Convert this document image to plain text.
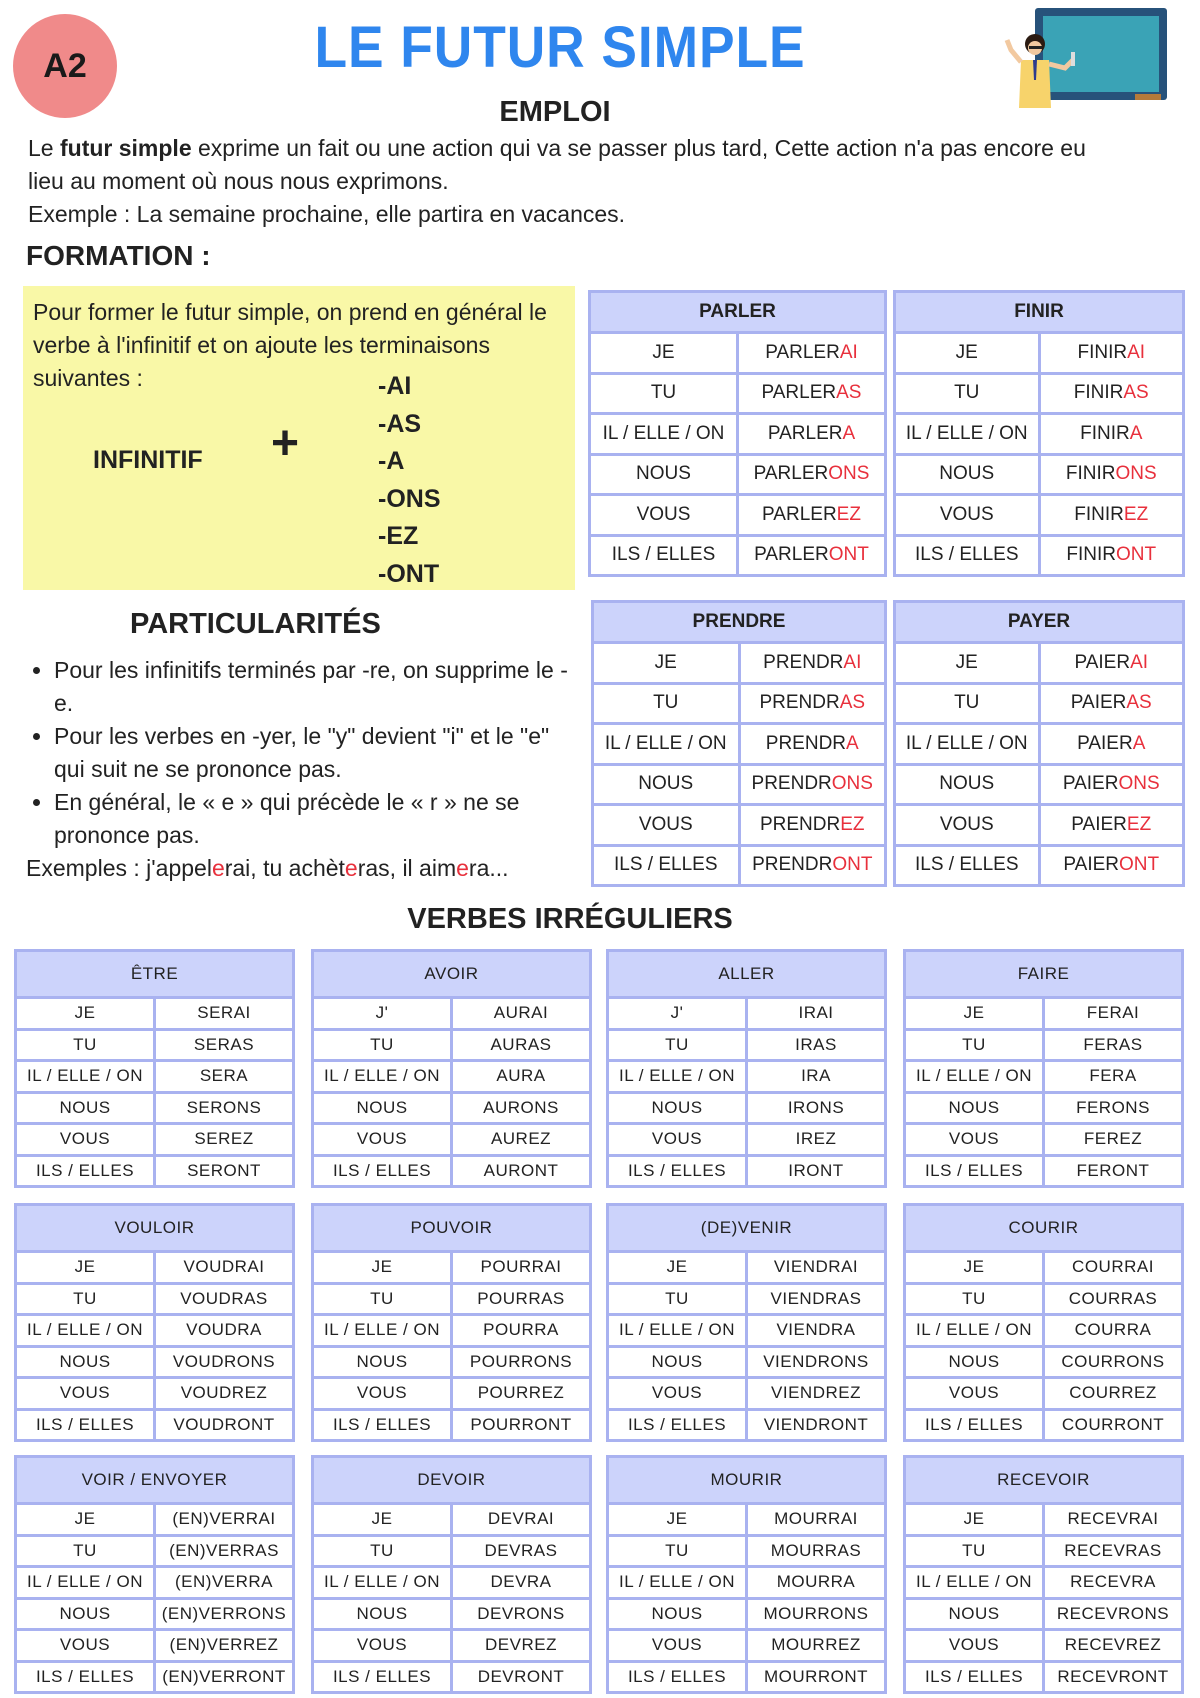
A2	LE FUTUR SIMPLE
EMPLOI
Le futur simple exprime un fait ou une action qui va se passer plus tard, Cette action n'a pas encore eu
lieu au moment où nous nous exprimons.
Exemple : La semaine prochaine, elle partira en vacances.
FORMATION :
Pour former le futur simple, on prend en général le verbe à l'infinitif et on ajoute les terminaisons suivantes :
INFINITIF +
-AI
-AS
-A
-ONS
-EZ
-ONT
PARTICULARITÉS
• Pour les infinitifs terminés par -re, on supprime le -e.
• Pour les verbes en -yer, le "y" devient "i" et le "e" qui suit ne se prononce pas.
• En général, le « e » qui précède le « r » ne se prononce pas.
Exemples : j'appelerai, tu achèteras, il aimera...
VERBES IRRÉGULIERS
PARLER	
JE	PARLERAI
TU	PARLERAS
IL / ELLE / ON	PARLERA
NOUS	PARLERONS
VOUS	PARLEREZ
ILS / ELLES	PARLERONT
FINIR	
JE	FINIRAI
TU	FINIRAS
IL / ELLE / ON	FINIRA
NOUS	FINIRONS
VOUS	FINIREZ
ILS / ELLES	FINIRONT
PRENDRE	
JE	PRENDRAI
TU	PRENDRAS
IL / ELLE / ON	PRENDRA
NOUS	PRENDRONS
VOUS	PRENDREZ
ILS / ELLES	PRENDRONT
PAYER	
JE	PAIERAI
TU	PAIERAS
IL / ELLE / ON	PAIERA
NOUS	PAIERONS
VOUS	PAIEREZ
ILS / ELLES	PAIERONT
ÊTRE	
JE	SERAI
TU	SERAS
IL / ELLE / ON	SERA
NOUS	SERONS
VOUS	SEREZ
ILS / ELLES	SERONT
AVOIR	
J'	AURAI
TU	AURAS
IL / ELLE / ON	AURA
NOUS	AURONS
VOUS	AUREZ
ILS / ELLES	AURONT
ALLER	
J'	IRAI
TU	IRAS
IL / ELLE / ON	IRA
NOUS	IRONS
VOUS	IREZ
ILS / ELLES	IRONT
FAIRE	
JE	FERAI
TU	FERAS
IL / ELLE / ON	FERA
NOUS	FERONS
VOUS	FEREZ
ILS / ELLES	FERONT
VOULOIR	
JE	VOUDRAI
TU	VOUDRAS
IL / ELLE / ON	VOUDRA
NOUS	VOUDRONS
VOUS	VOUDREZ
ILS / ELLES	VOUDRONT
POUVOIR	
JE	POURRAI
TU	POURRAS
IL / ELLE / ON	POURRA
NOUS	POURRONS
VOUS	POURREZ
ILS / ELLES	POURRONT
(DE)VENIR	
JE	VIENDRAI
TU	VIENDRAS
IL / ELLE / ON	VIENDRA
NOUS	VIENDRONS
VOUS	VIENDREZ
ILS / ELLES	VIENDRONT
COURIR	
JE	COURRAI
TU	COURRAS
IL / ELLE / ON	COURRA
NOUS	COURRONS
VOUS	COURREZ
ILS / ELLES	COURRONT
VOIR / ENVOYER	
JE	(EN)VERRAI
TU	(EN)VERRAS
IL / ELLE / ON	(EN)VERRA
NOUS	(EN)VERRONS
VOUS	(EN)VERREZ
ILS / ELLES	(EN)VERRONT
DEVOIR	
JE	DEVRAI
TU	DEVRAS
IL / ELLE / ON	DEVRA
NOUS	DEVRONS
VOUS	DEVREZ
ILS / ELLES	DEVRONT
MOURIR	
JE	MOURRAI
TU	MOURRAS
IL / ELLE / ON	MOURRA
NOUS	MOURRONS
VOUS	MOURREZ
ILS / ELLES	MOURRONT
RECEVOIR	
JE	RECEVRAI
TU	RECEVRAS
IL / ELLE / ON	RECEVRA
NOUS	RECEVRONS
VOUS	RECEVREZ
ILS / ELLES	RECEVRONT
